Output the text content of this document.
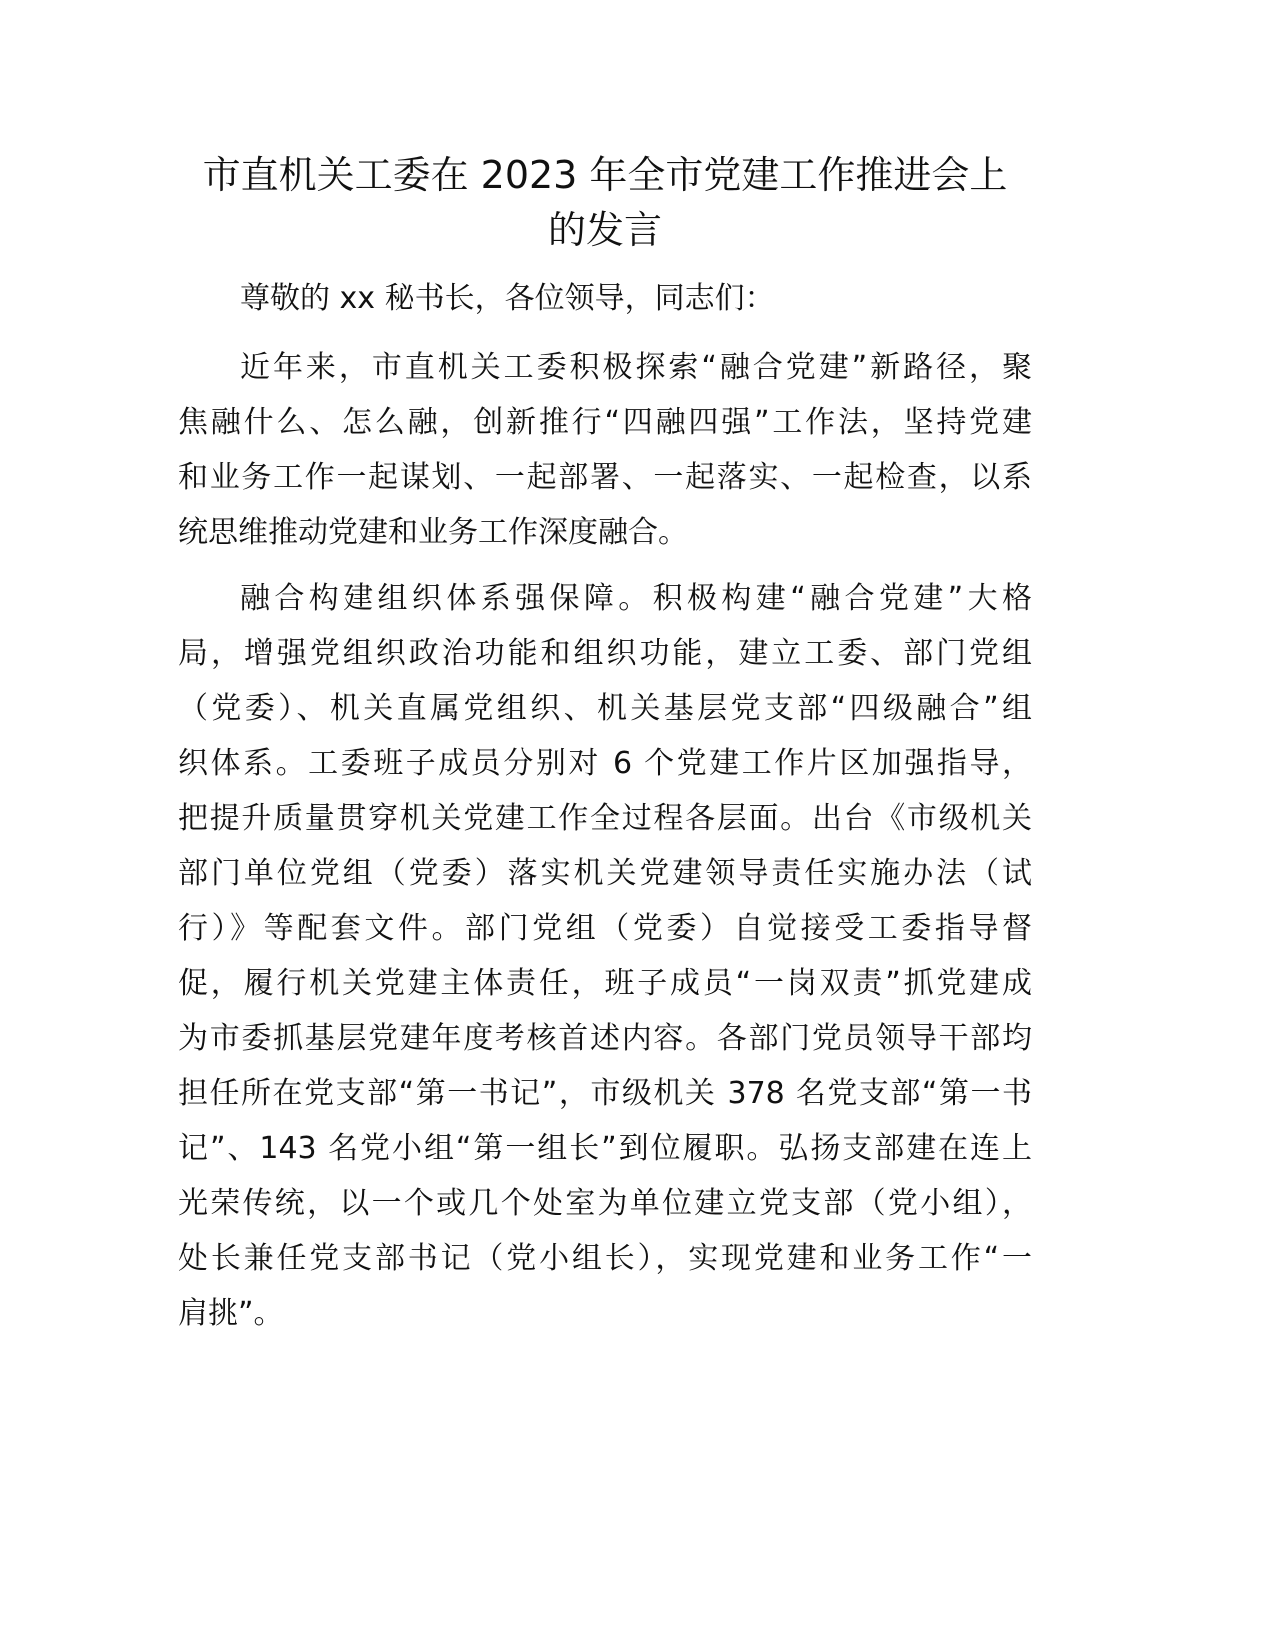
市直机关工委在 2023 年全市党建工作推进会上
的发言
尊敬的 xx 秘书长，各位领导，同志们：
近年来，市直机关工委积极探索“融合党建”新路径，聚
焦融什么、怎么融，创新推行“四融四强”工作法，坚持党建
和业务工作一起谋划、一起部署、一起落实、一起检查，以系
统思维推动党建和业务工作深度融合。
融合构建组织体系强保障。积极构建“融合党建”大格
局，增强党组织政治功能和组织功能，建立工委、部门党组
（党委）、机关直属党组织、机关基层党支部“四级融合”组
织体系。工委班子成员分别对 6 个党建工作片区加强指导，
把提升质量贯穿机关党建工作全过程各层面。出台《市级机关
部门单位党组（党委）落实机关党建领导责任实施办法（试
行）》等配套文件。部门党组（党委）自觉接受工委指导督
促，履行机关党建主体责任，班子成员“一岗双责”抓党建成
为市委抓基层党建年度考核首述内容。各部门党员领导干部均
担任所在党支部“第一书记”，市级机关 378 名党支部“第一书
记”、143 名党小组“第一组长”到位履职。弘扬支部建在连上
光荣传统，以一个或几个处室为单位建立党支部（党小组），
处长兼任党支部书记（党小组长），实现党建和业务工作“一
肩挑”。
